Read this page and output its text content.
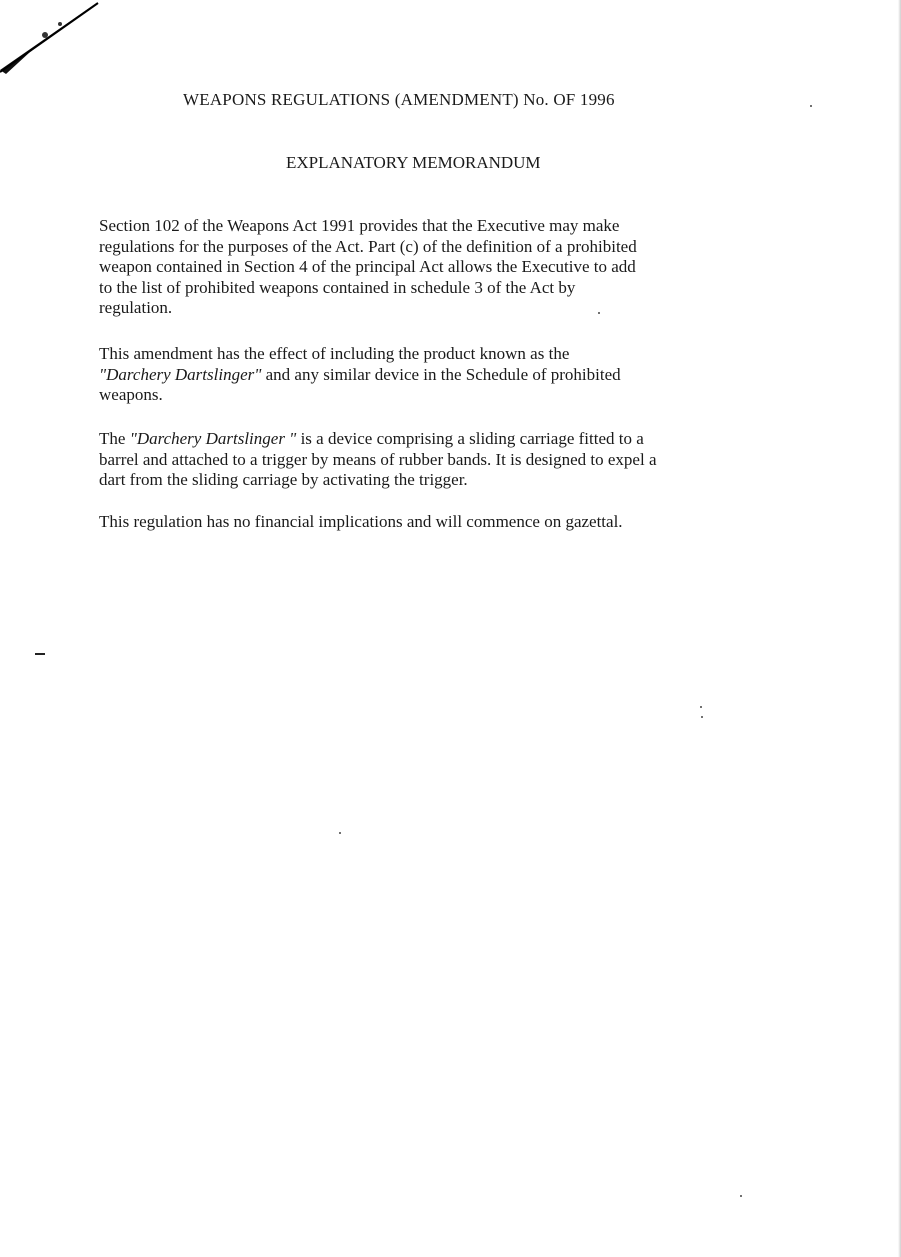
WEAPONS REGULATIONS (AMENDMENT) No. OF 1996
EXPLANATORY MEMORANDUM

Section 102 of the Weapons Act 1991 provides that the Executive may make
regulations for the purposes of the Act. Part (c) of the definition of a prohibited
weapon contained in Section 4 of the principal Act allows the Executive to add
to the list of prohibited weapons contained in schedule 3 of the Act by
regulation.

This amendment has the effect of including the product known as the
"Darchery Dartslinger" and any similar device in the Schedule of prohibited
weapons.

The "Darchery Dartslinger " is a device comprising a sliding carriage fitted to a
barrel and attached to a trigger by means of rubber bands. It is designed to expel a
dart from the sliding carriage by activating the trigger.

This regulation has no financial implications and will commence on gazettal.
